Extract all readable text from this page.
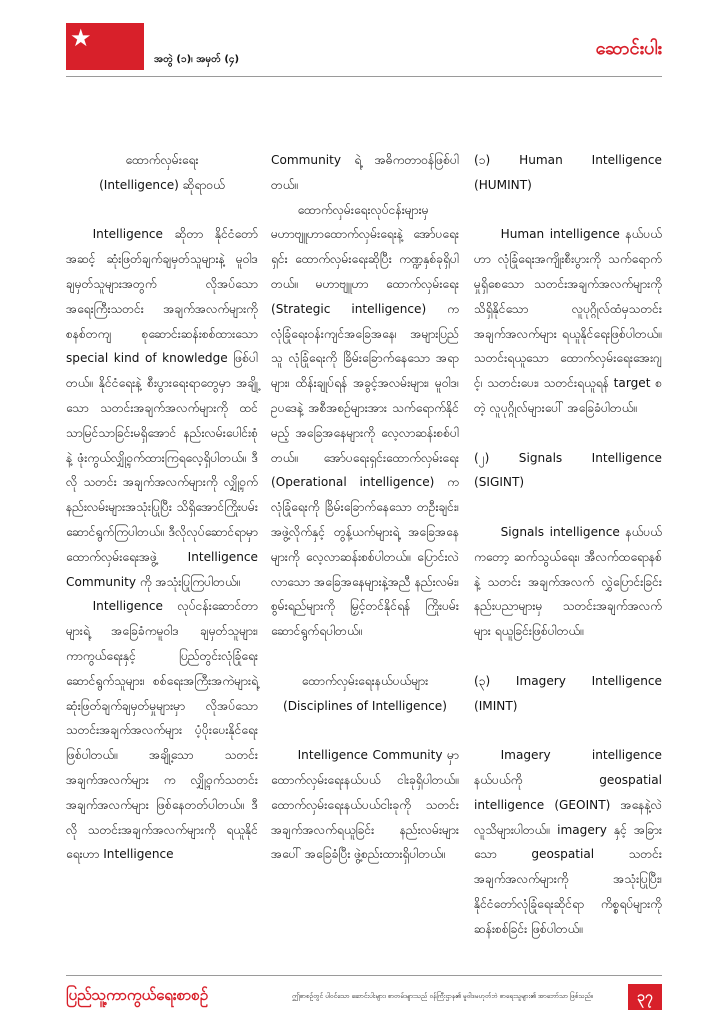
★
အတွဲ (၁)၊ အမှတ် (၄)
ဆောင်းပါး

ထောက်လှမ်းရေး

(Intelligence) ဆိုရာဝယ်

Intelligence ဆိုတာ နိုင်ငံတော်အဆင့် ဆုံးဖြတ်ချက်ချမှတ်သူများနဲ့ မူဝါဒချမှတ်သူများအတွက် လိုအပ်သော အရေးကြီးသတင်း အချက်အလက်များကို စနစ်တကျ စုဆောင်းဆန်းစစ်ထားသော special kind of knowledge ဖြစ်ပါတယ်။ နိုင်ငံရေးနဲ့ စီးပွားရေးရာတွေမှာ အချို့သော သတင်းအချက်အလက်များကို ထင်သာမြင်သာခြင်းမရှိအောင် နည်းလမ်းပေါင်းစုံနဲ့ ဖုံးကွယ်လျှို့ဝှက်ထားကြရလေ့ရှိပါတယ်။ ဒီလို သတင်း အချက်အလက်များကို လျှို့ဝှက်နည်းလမ်းများအသုံးပြုပြီး သိရှိအောင်ကြိုးပမ်းဆောင်ရွက်ကြပါတယ်။ ဒီလိုလုပ်ဆောင်ရာမှာ ထောက်လှမ်းရေးအဖွဲ့ Intelligence Community ကို အသုံးပြုကြပါတယ်။

Intelligence လုပ်ငန်းဆောင်တာများရဲ့ အခြေခံကမူဝါဒ ချမှတ်သူများ၊ ကာကွယ်ရေးနှင့် ပြည်တွင်းလုံခြုံရေး ဆောင်ရွက်သူများ၊ စစ်ရေးအကြီးအကဲများရဲ့ ဆုံးဖြတ်ချက်ချမှတ်မှုများမှာ လိုအပ်သော သတင်းအချက်အလက်များ ပံ့ပိုးပေးနိုင်ရေး ဖြစ်ပါတယ်။ အချို့သော သတင်းအချက်အလက်များ က လျှို့ဝှက်သတင်း အချက်အလက်များ ဖြစ်နေတတ်ပါတယ်။ ဒီလို သတင်းအချက်အလက်များကို ရယူနိုင်ရေးဟာ Intelligence

Community ရဲ့ အဓိကတာဝန်ဖြစ်ပါတယ်။

ထောက်လှမ်းရေးလုပ်ငန်းများမှ မဟာဗျူဟာထောက်လှမ်းရေးနဲ့ အော်ပရေးရှင်း ထောက်လှမ်းရေးဆိုပြီး ကဏ္ဍနှစ်ခုရှိပါတယ်။ မဟာဗျူဟာ ထောက်လှမ်းရေး (Strategic intelligence) က လုံခြုံရေးဝန်းကျင်အခြေအနေ၊ အများပြည်သူ လုံခြုံရေးကို ခြိမ်းခြောက်နေသော အရာများ၊ ထိန်းချုပ်ရန် အခွင့်အလမ်းများ၊ မူဝါဒ၊ ဥပဒေနဲ့ အစီအစဉ်များအား သက်ရောက်နိုင်မည့် အခြေအနေများကို လေ့လာဆန်းစစ်ပါတယ်။ အော်ပရေးရှင်းထောက်လှမ်းရေး (Operational intelligence) က လုံခြုံရေးကို ခြိမ်းခြောက်နေသော တဦးချင်း၊ အဖွဲ့လိုက်နှင့် တွန့်ယက်များရဲ့ အခြေအနေများကို လေ့လာဆန်းစစ်ပါတယ်။ ပြောင်းလဲလာသော အခြေအနေများနဲ့အညီ နည်းလမ်း၊ စွမ်းရည်များကို မြှင့်တင်နိုင်ရန် ကြိုးပမ်းဆောင်ရွက်ရပါတယ်။

ထောက်လှမ်းရေးနယ်ပယ်များ

(Disciplines of Intelligence)

Intelligence Community မှာ ထောက်လှမ်းရေးနယ်ပယ် ငါးခုရှိပါတယ်။ ထောက်လှမ်းရေးနယ်ပယ်ငါးခုကို သတင်းအချက်အလက်ရယူခြင်း နည်းလမ်းများအပေါ် အခြေခံပြီး ဖွဲ့စည်းထားရှိပါတယ်။

(၁) Human Intelligence (HUMINT)

Human intelligence နယ်ပယ်ဟာ လုံခြုံရေးအကျိုးစီးပွားကို သက်ရောက်မှုရှိစေသော သတင်းအချက်အလက်များကို သိရှိနိုင်သော လူပုဂ္ဂိုလ်ထံမှသတင်းအချက်အလက်များ ရယူနိုင်ရေးဖြစ်ပါတယ်။ သတင်းရယူသော ထောက်လှမ်းရေးအေးဂျင့်၊ သတင်းပေး၊ သတင်းရယူရန် target စတဲ့ လူပုဂ္ဂိုလ်များပေါ် အခြေခံပါတယ်။

(၂) Signals Intelligence (SIGINT)

Signals intelligence နယ်ပယ်ကတော့ ဆက်သွယ်ရေး၊ အီလက်ထရောနစ်နဲ့ သတင်း အချက်အလက် လွှဲပြောင်းခြင်း နည်းပညာများမှ သတင်းအချက်အလက်များ ရယူခြင်းဖြစ်ပါတယ်။

(၃) Imagery Intelligence (IMINT)

Imagery intelligence နယ်ပယ်ကို geospatial intelligence (GEOINT) အနေနဲ့လဲ လူသိများပါတယ်။ imagery နှင့် အခြားသော geospatial သတင်းအချက်အလက်များကို အသုံးပြုပြီး၊ နိုင်ငံတော်လုံခြုံရေးဆိုင်ရာ ကိစ္စရပ်များကို ဆန်းစစ်ခြင်း ဖြစ်ပါတယ်။

ပြည်သူ့ကာကွယ်ရေးစာစဉ်	ဤစာစဉ်တွင် ပါဝင်သော ဆောင်းပါးများ၊ စာတမ်းများသည် ဝန်ကြီးဌာန၏ မူဝါဒမဟုတ်ဘဲ စာရေးသူများ၏ အာဘော်သာ ဖြစ်သည်။	၃၇
